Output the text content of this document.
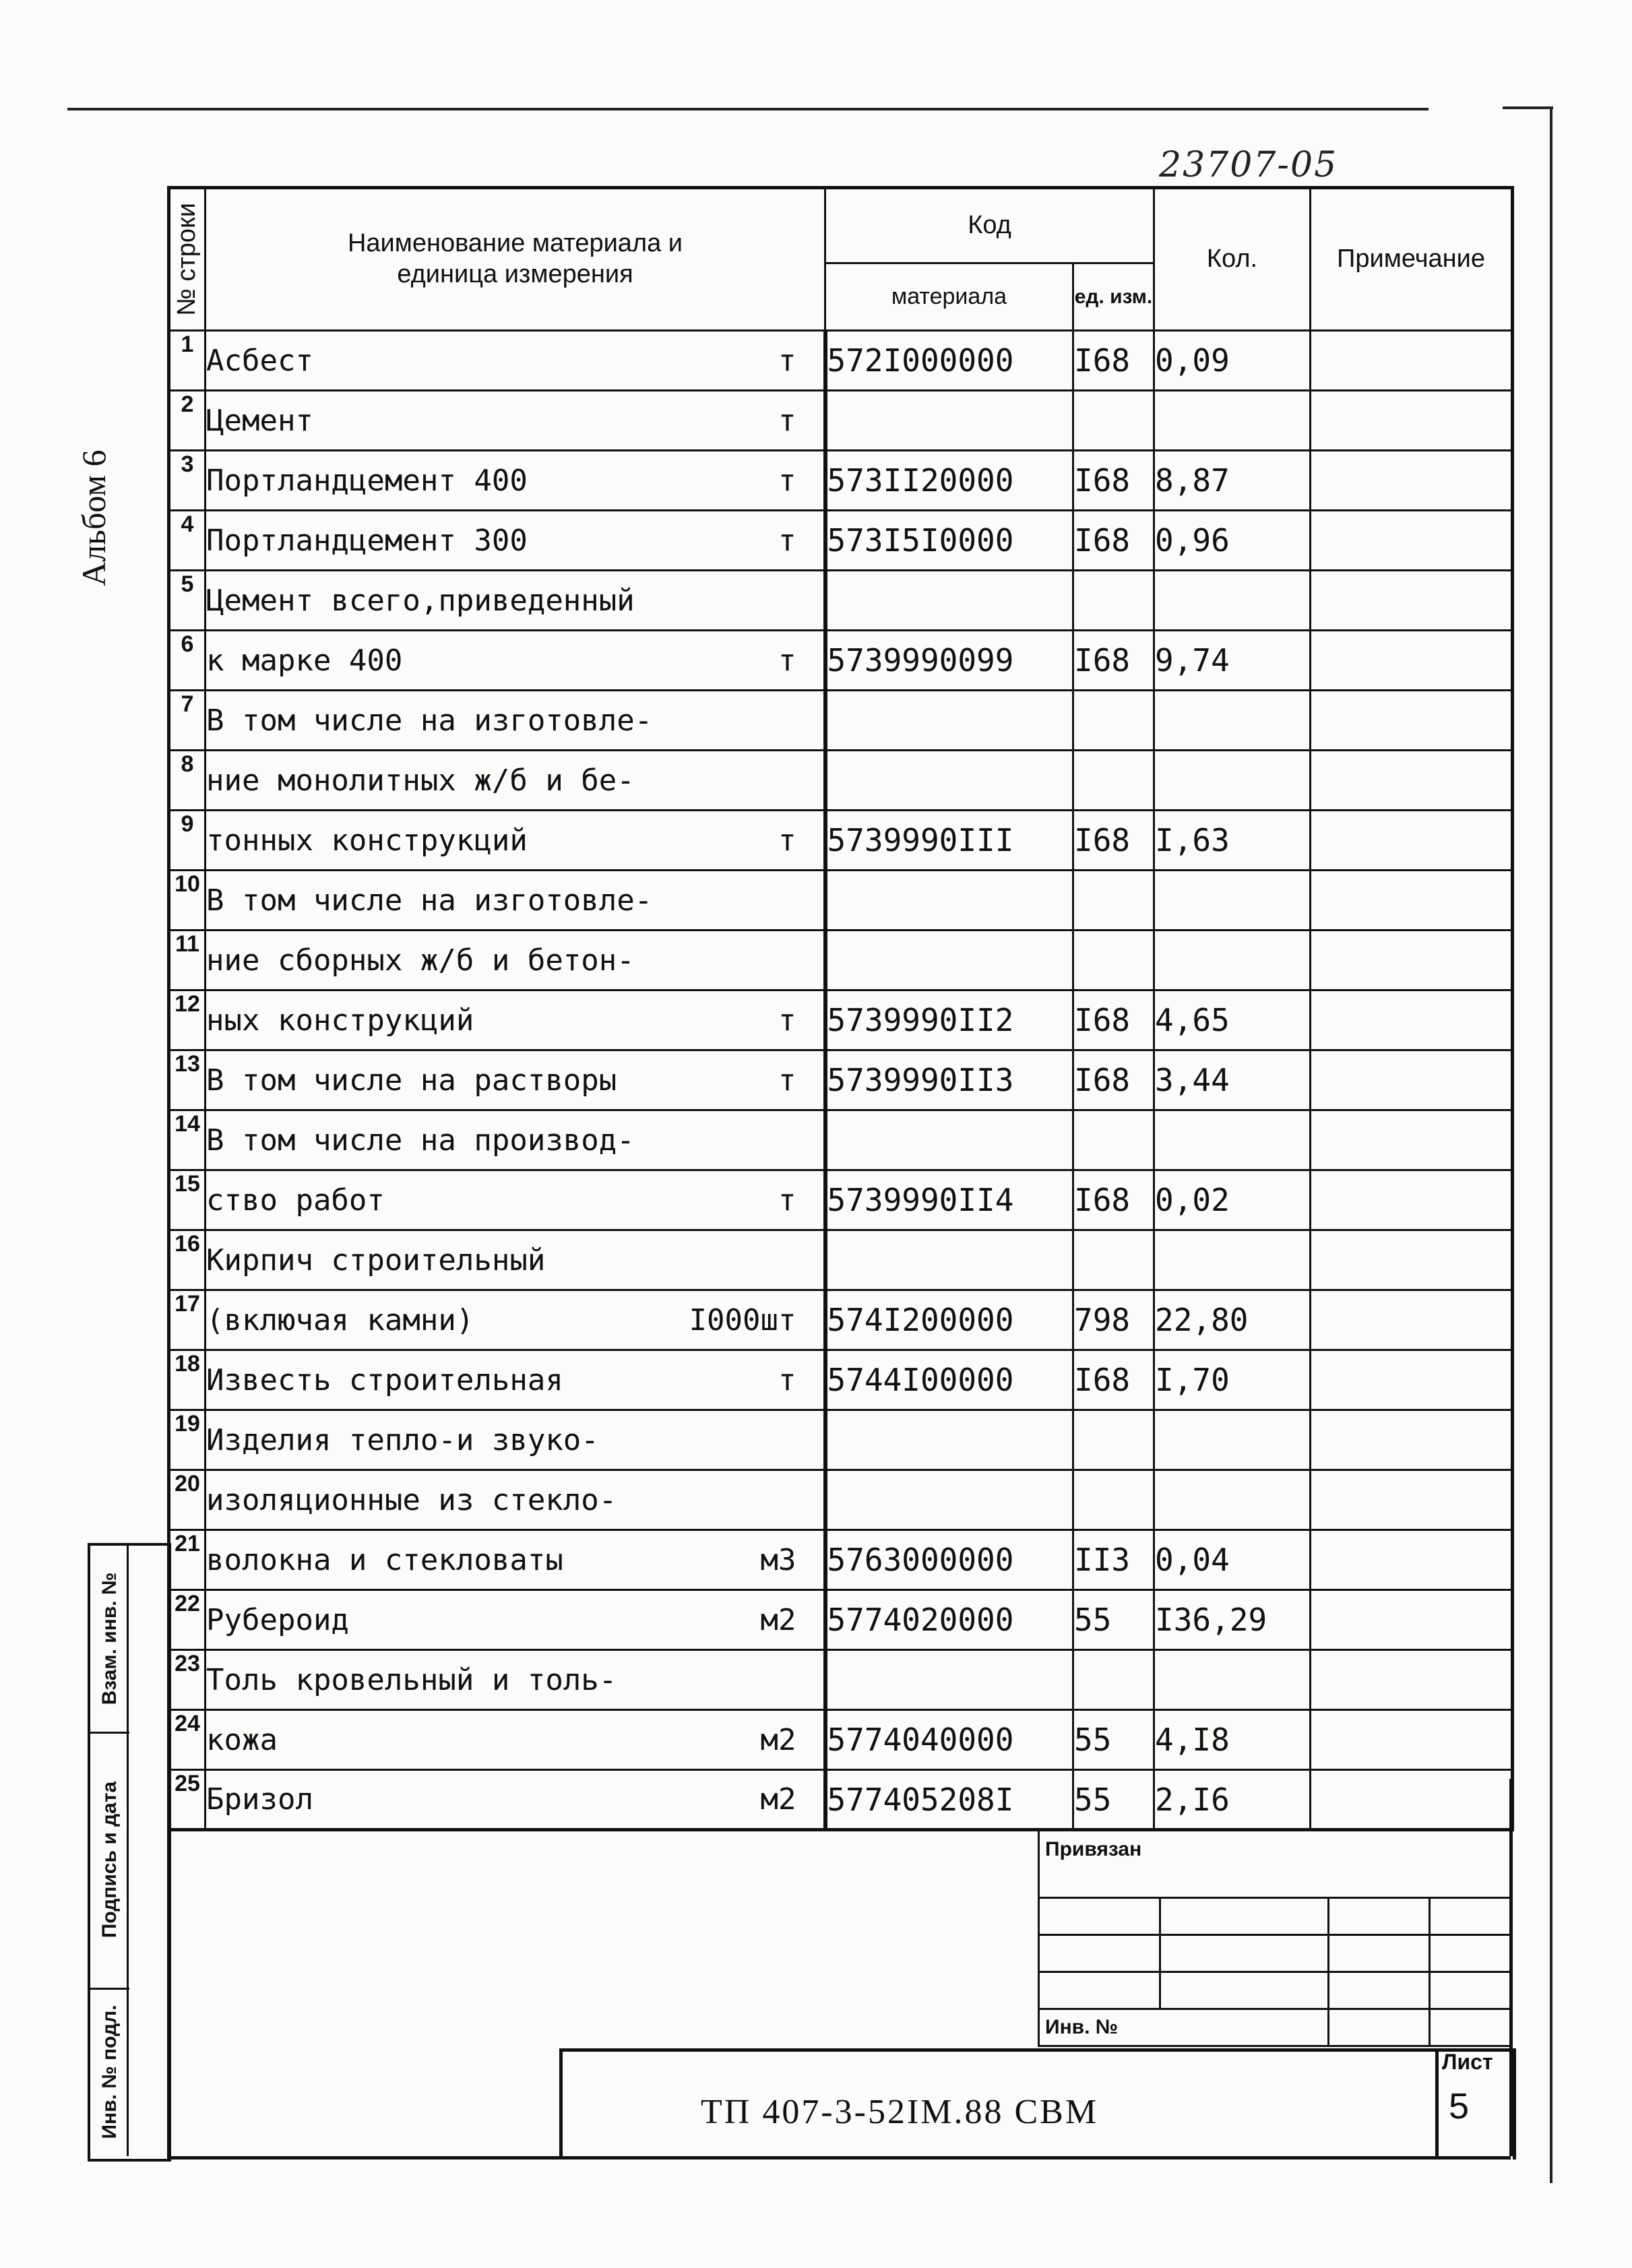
23707-05
Альбом 6
№ строки	Наименование материала и единица измерения	Код		Кол.	Примечание
		материала	ед. изм.		
1	Асбест т	572I000000	I68	0,09	
2	Цемент т				

3	Портландцемент 400 т	573II20000	I68	8,87	
4	Портландцемент 300 т	573I5I0000	I68	0,96	
5	Цемент всего,приведенный

6	к марке 400 т	5739990099	I68	9,74	
7	В том числе на изготовле-

8	ние монолитных ж/б и бе-

9	тонных конструкций т	5739990III	I68	I,63	
10	В том числе на изготовле-

11	ние сборных ж/б и бетон-

12	ных конструкций т	5739990II2	I68	4,65	
13	В том числе на растворы т	5739990II3	I68	3,44	
14	В том числе на производ-

15	ство работ т	5739990II4	I68	0,02	
16	Кирпич строительный

17	(включая камни) I000шт	574I200000	798	22,80	
18	Известь строительная т	5744I00000	I68	I,70	
19	Изделия тепло-и звуко-

20	изоляционные из стекло-

21	волокна и стекловаты м3	5763000000	II3	0,04	
22	Рубероид м2	5774020000	55	I36,29	
23	Толь кровельный и толь-

24	кожа м2	5774040000	55	4,I8	
25	Бризол м2	577405208I	55	2,I6	
Привязан			

Инв. №			
ТП 407-3-52IM.88 СВМ
Лист
5
Взам. инв. №
Подпись и дата
Инв. № подл.
